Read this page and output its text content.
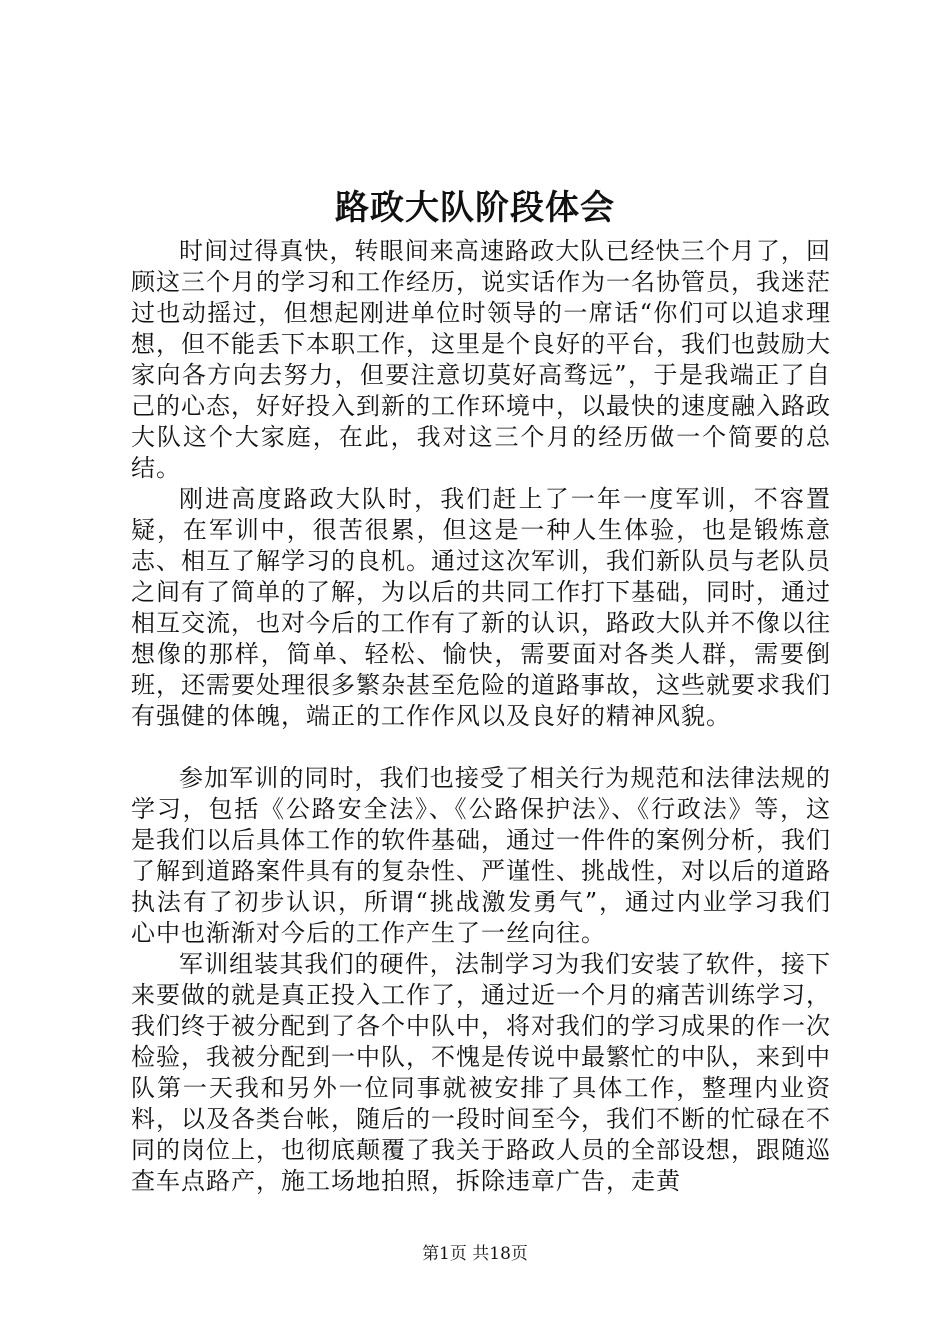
路政大队阶段体会

时间过得真快，转眼间来高速路政大队已经快三个月了，回顾这三个月的学习和工作经历，说实话作为一名协管员，我迷茫过也动摇过，但想起刚进单位时领导的一席话“你们可以追求理想，但不能丢下本职工作，这里是个良好的平台，我们也鼓励大家向各方向去努力，但要注意切莫好高骛远”，于是我端正了自己的心态，好好投入到新的工作环境中，以最快的速度融入路政大队这个大家庭，在此，我对这三个月的经历做一个简要的总结。

刚进高度路政大队时，我们赶上了一年一度军训，不容置疑，在军训中，很苦很累，但这是一种人生体验，也是锻炼意志、相互了解学习的良机。通过这次军训，我们新队员与老队员之间有了简单的了解，为以后的共同工作打下基础，同时，通过相互交流，也对今后的工作有了新的认识，路政大队并不像以往想像的那样，简单、轻松、愉快，需要面对各类人群，需要倒班，还需要处理很多繁杂甚至危险的道路事故，这些就要求我们有强健的体魄，端正的工作作风以及良好的精神风貌。

参加军训的同时，我们也接受了相关行为规范和法律法规的学习，包括《公路安全法》、《公路保护法》、《行政法》等，这是我们以后具体工作的软件基础，通过一件件的案例分析，我们了解到道路案件具有的复杂性、严谨性、挑战性，对以后的道路执法有了初步认识，所谓“挑战激发勇气”，通过内业学习我们心中也渐渐对今后的工作产生了一丝向往。

军训组装其我们的硬件，法制学习为我们安装了软件，接下来要做的就是真正投入工作了，通过近一个月的痛苦训练学习，我们终于被分配到了各个中队中，将对我们的学习成果的作一次检验，我被分配到一中队，不愧是传说中最繁忙的中队，来到中队第一天我和另外一位同事就被安排了具体工作，整理内业资料，以及各类台帐，随后的一段时间至今，我们不断的忙碌在不同的岗位上，也彻底颠覆了我关于路政人员的全部设想，跟随巡查车点路产，施工场地拍照，拆除违章广告，走黄

第1页 共18页
